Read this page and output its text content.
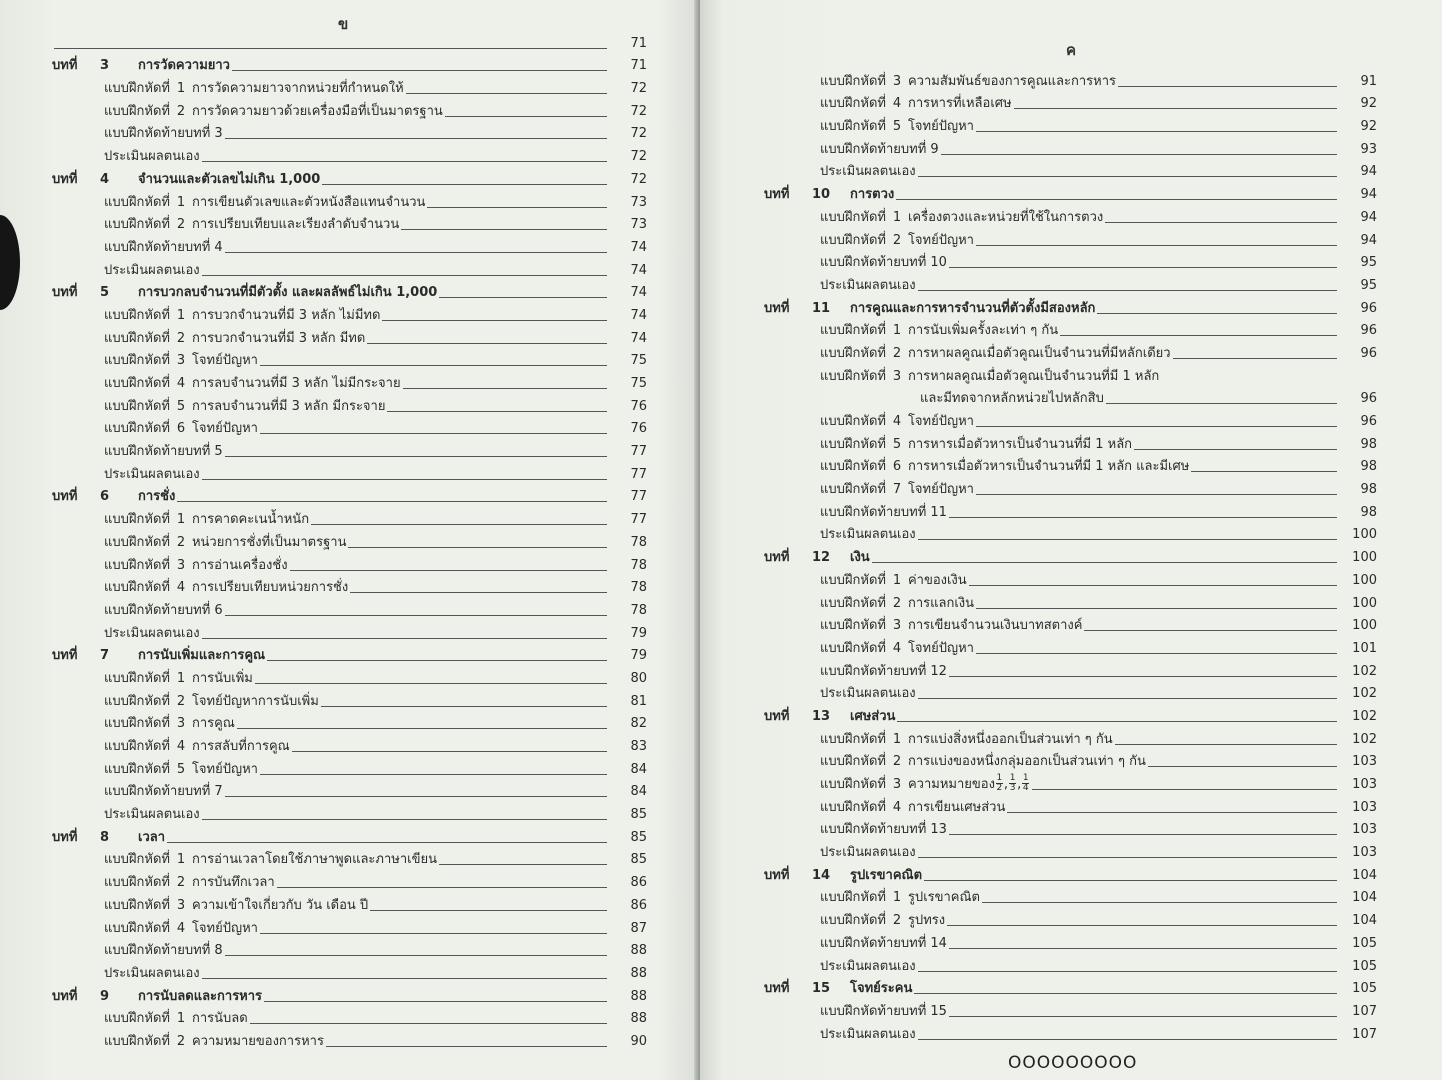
ข
71
บทที่	3	การวัดความยาว	71
แบบฝึกหัดที่ 1 การวัดความยาวจากหน่วยที่กำหนดให้	72
แบบฝึกหัดที่ 2 การวัดความยาวด้วยเครื่องมือที่เป็นมาตรฐาน	72
แบบฝึกหัดท้ายบทที่ 3	72
ประเมินผลตนเอง	72
บทที่	4	จำนวนและตัวเลขไม่เกิน 1,000	72
แบบฝึกหัดที่ 1 การเขียนตัวเลขและตัวหนังสือแทนจำนวน	73
แบบฝึกหัดที่ 2 การเปรียบเทียบและเรียงลำดับจำนวน	73
แบบฝึกหัดท้ายบทที่ 4	74
ประเมินผลตนเอง	74
บทที่	5	การบวกลบจำนวนที่มีตัวตั้ง และผลลัพธ์ไม่เกิน 1,000	74
แบบฝึกหัดที่ 1 การบวกจำนวนที่มี 3 หลัก ไม่มีทด	74
แบบฝึกหัดที่ 2 การบวกจำนวนที่มี 3 หลัก มีทด	74
แบบฝึกหัดที่ 3 โจทย์ปัญหา	75
แบบฝึกหัดที่ 4 การลบจำนวนที่มี 3 หลัก ไม่มีกระจาย	75
แบบฝึกหัดที่ 5 การลบจำนวนที่มี 3 หลัก มีกระจาย	76
แบบฝึกหัดที่ 6 โจทย์ปัญหา	76
แบบฝึกหัดท้ายบทที่ 5	77
ประเมินผลตนเอง	77
บทที่	6	การชั่ง	77
แบบฝึกหัดที่ 1 การคาดคะเนน้ำหนัก	77
แบบฝึกหัดที่ 2 หน่วยการชั่งที่เป็นมาตรฐาน	78
แบบฝึกหัดที่ 3 การอ่านเครื่องชั่ง	78
แบบฝึกหัดที่ 4 การเปรียบเทียบหน่วยการชั่ง	78
แบบฝึกหัดท้ายบทที่ 6	78
ประเมินผลตนเอง	79
บทที่	7	การนับเพิ่มและการคูณ	79
แบบฝึกหัดที่ 1 การนับเพิ่ม	80
แบบฝึกหัดที่ 2 โจทย์ปัญหาการนับเพิ่ม	81
แบบฝึกหัดที่ 3 การคูณ	82
แบบฝึกหัดที่ 4 การสลับที่การคูณ	83
แบบฝึกหัดที่ 5 โจทย์ปัญหา	84
แบบฝึกหัดท้ายบทที่ 7	84
ประเมินผลตนเอง	85
บทที่	8	เวลา	85
แบบฝึกหัดที่ 1 การอ่านเวลาโดยใช้ภาษาพูดและภาษาเขียน	85
แบบฝึกหัดที่ 2 การบันทึกเวลา	86
แบบฝึกหัดที่ 3 ความเข้าใจเกี่ยวกับ วัน เดือน ปี	86
แบบฝึกหัดที่ 4 โจทย์ปัญหา	87
แบบฝึกหัดท้ายบทที่ 8	88
ประเมินผลตนเอง	88
บทที่	9	การนับลดและการหาร	88
แบบฝึกหัดที่ 1 การนับลด	88
แบบฝึกหัดที่ 2 ความหมายของการหาร	90
ค
แบบฝึกหัดที่ 3 ความสัมพันธ์ของการคูณและการหาร	91
แบบฝึกหัดที่ 4 การหารที่เหลือเศษ	92
แบบฝึกหัดที่ 5 โจทย์ปัญหา	92
แบบฝึกหัดท้ายบทที่ 9	93
ประเมินผลตนเอง	94
บทที่	10	การตวง	94
แบบฝึกหัดที่ 1 เครื่องตวงและหน่วยที่ใช้ในการตวง	94
แบบฝึกหัดที่ 2 โจทย์ปัญหา	94
แบบฝึกหัดท้ายบทที่ 10	95
ประเมินผลตนเอง	95
บทที่	11	การคูณและการหารจำนวนที่ตัวตั้งมีสองหลัก	96
แบบฝึกหัดที่ 1 การนับเพิ่มครั้งละเท่า ๆ กัน	96
แบบฝึกหัดที่ 2 การหาผลคูณเมื่อตัวคูณเป็นจำนวนที่มีหลักเดียว	96
แบบฝึกหัดที่ 3 การหาผลคูณเมื่อตัวคูณเป็นจำนวนที่มี 1 หลัก
และมีทดจากหลักหน่วยไปหลักสิบ	96
แบบฝึกหัดที่ 4 โจทย์ปัญหา	96
แบบฝึกหัดที่ 5 การหารเมื่อตัวหารเป็นจำนวนที่มี 1 หลัก	98
แบบฝึกหัดที่ 6 การหารเมื่อตัวหารเป็นจำนวนที่มี 1 หลัก และมีเศษ	98
แบบฝึกหัดที่ 7 โจทย์ปัญหา	98
แบบฝึกหัดท้ายบทที่ 11	98
ประเมินผลตนเอง	100
บทที่	12	เงิน	100
แบบฝึกหัดที่ 1 ค่าของเงิน	100
แบบฝึกหัดที่ 2 การแลกเงิน	100
แบบฝึกหัดที่ 3 การเขียนจำนวนเงินบาทสตางค์	100
แบบฝึกหัดที่ 4 โจทย์ปัญหา	101
แบบฝึกหัดท้ายบทที่ 12	102
ประเมินผลตนเอง	102
บทที่	13	เศษส่วน	102
แบบฝึกหัดที่ 1 การแบ่งสิ่งหนึ่งออกเป็นส่วนเท่า ๆ กัน	102
แบบฝึกหัดที่ 2 การแบ่งของหนึ่งกลุ่มออกเป็นส่วนเท่า ๆ กัน	103
แบบฝึกหัดที่ 3 ความหมายของ $\frac{1}{2}$ , $\frac{1}{3}$ , $\frac{1}{4}$	103
แบบฝึกหัดที่ 4 การเขียนเศษส่วน	103
แบบฝึกหัดท้ายบทที่ 13	103
ประเมินผลตนเอง	103
บทที่	14	รูปเรขาคณิต	104
แบบฝึกหัดที่ 1 รูปเรขาคณิต	104
แบบฝึกหัดที่ 2 รูปทรง	104
แบบฝึกหัดท้ายบทที่ 14	105
ประเมินผลตนเอง	105
บทที่	15	โจทย์ระคน	105
แบบฝึกหัดท้ายบทที่ 15	107
ประเมินผลตนเอง	107
OOOOOOOOO
